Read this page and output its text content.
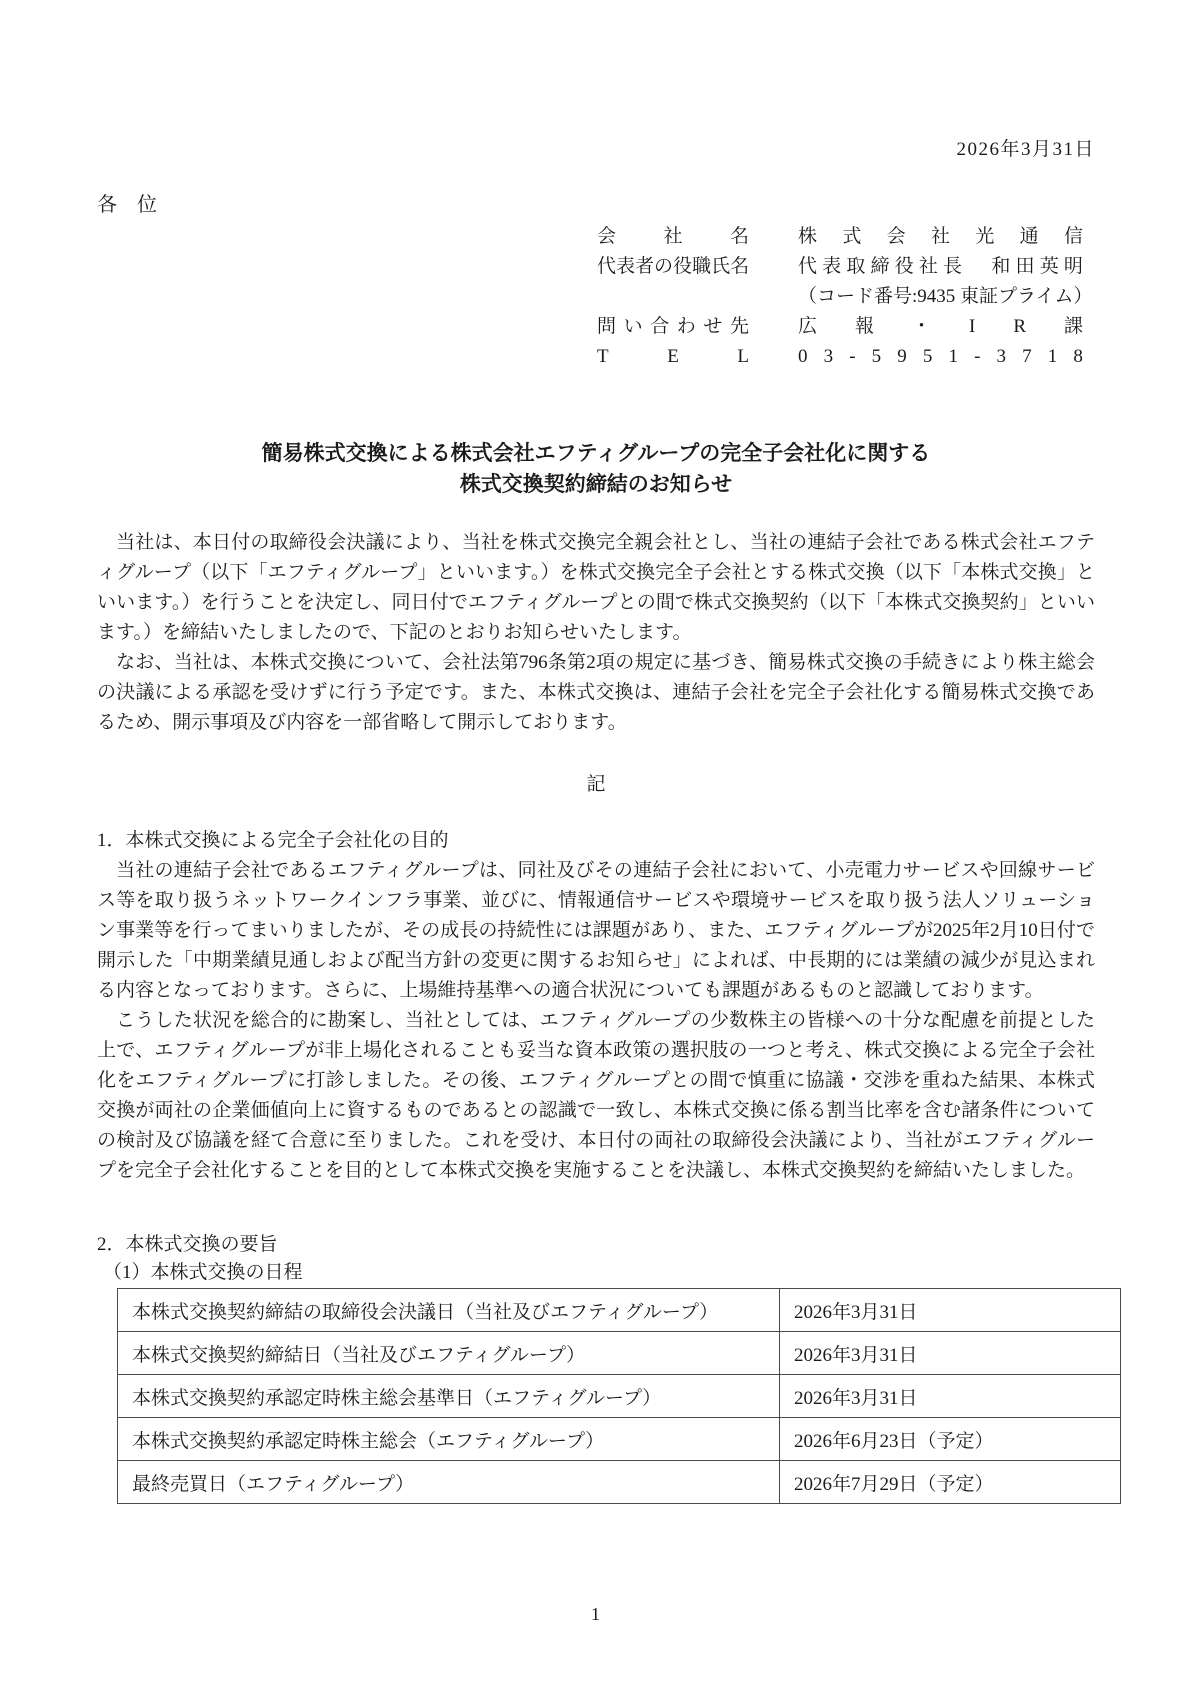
2026年3月31日
各　位
会 社 名	株 式 会 社 光 通 信
代 表 者 の 役 職 氏 名	代 表 取 締 役 社 長
　 和 田 英 明
（コード番号:9435 東証プライム）
問 い 合 わ せ 先	広 報 ・ I R 課
T	E	L	0 3 - 5 9 5 1 - 3 7 1 8
簡易株式交換による株式会社エフティグループの完全子会社化に関する
株式交換契約締結のお知らせ

当社は、本日付の取締役会決議により、当社を株式交換完全親会社とし、当社の連結子会社である株式会社エフティグループ（以下「エフティグループ」といいます。）を株式交換完全子会社とする株式交換（以下「本株式交換」といいます。）を行うことを決定し、同日付でエフティグループとの間で株式交換契約（以下「本株式交換契約」といいます。）を締結いたしましたので、下記のとおりお知らせいたします。

なお、当社は、本株式交換について、会社法第796条第2項の規定に基づき、簡易株式交換の手続きにより株主総会の決議による承認を受けずに行う予定です。また、本株式交換は、連結子会社を完全子会社化する簡易株式交換であるため、開示事項及び内容を一部省略して開示しております。

記
1．本株式交換による完全子会社化の目的

当社の連結子会社であるエフティグループは、同社及びその連結子会社において、小売電力サービスや回線サービス等を取り扱うネットワークインフラ事業、並びに、情報通信サービスや環境サービスを取り扱う法人ソリューション事業等を行ってまいりましたが、その成長の持続性には課題があり、また、エフティグループが2025年2月10日付で開示した「中期業績見通しおよび配当方針の変更に関するお知らせ」によれば、中長期的には業績の減少が見込まれる内容となっております。さらに、上場維持基準への適合状況についても課題があるものと認識しております。

こうした状況を総合的に勘案し、当社としては、エフティグループの少数株主の皆様への十分な配慮を前提とした上で、エフティグループが非上場化されることも妥当な資本政策の選択肢の一つと考え、株式交換による完全子会社化をエフティグループに打診しました。その後、エフティグループとの間で慎重に協議・交渉を重ねた結果、本株式交換が両社の企業価値向上に資するものであるとの認識で一致し、本株式交換に係る割当比率を含む諸条件についての検討及び協議を経て合意に至りました。これを受け、本日付の両社の取締役会決議により、当社がエフティグループを完全子会社化することを目的として本株式交換を実施することを決議し、本株式交換契約を締結いたしました。

2．本株式交換の要旨
（1）本株式交換の日程
本株式交換契約締結の取締役会決議日（当社及びエフティグループ）	2026年3月31日
本株式交換契約締結日（当社及びエフティグループ）	2026年3月31日
本株式交換契約承認定時株主総会基準日（エフティグループ）	2026年3月31日
本株式交換契約承認定時株主総会（エフティグループ）	2026年6月23日（予定）
最終売買日（エフティグループ）	2026年7月29日（予定）
1
